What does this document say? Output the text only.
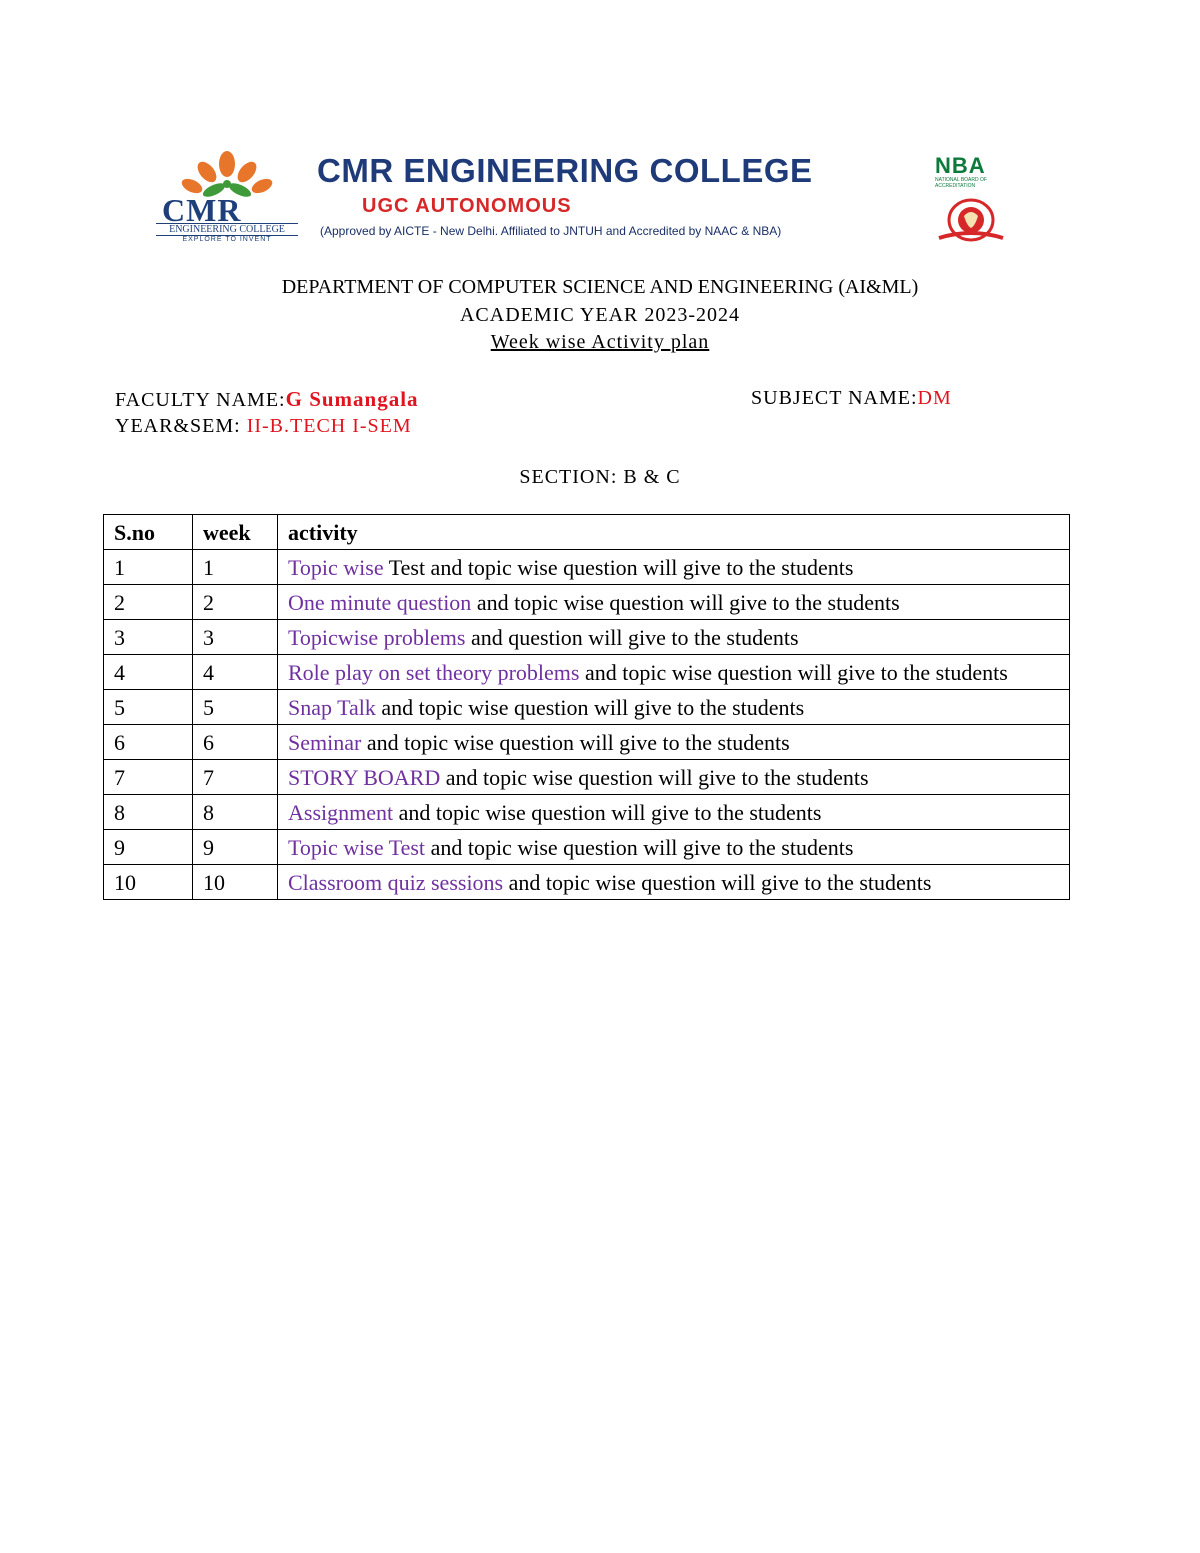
CMR
ENGINEERING COLLEGE
EXPLORE TO INVENT
CMR ENGINEERING COLLEGE
UGC AUTONOMOUS
(Approved by AICTE - New Delhi. Affiliated to JNTUH and Accredited by NAAC & NBA)
NBA
NATIONAL BOARD OF ACCREDITATION
DEPARTMENT OF COMPUTER SCIENCE AND ENGINEERING (AI&ML)
ACADEMIC YEAR 2023-2024
Week wise Activity plan
FACULTY NAME:G Sumangala	SUBJECT NAME:DM
YEAR&SEM: II-B.TECH I-SEM
SECTION: B & C
S.no	week	activity
1	1	Topic wise Test and topic wise question will give to the students
2	2	One minute question and topic wise question will give to the students
3	3	Topicwise problems and question will give to the students
4	4	Role play on set theory problems and topic wise question will give to the students
5	5	Snap Talk and topic wise question will give to the students
6	6	Seminar and topic wise question will give to the students
7	7	STORY BOARD and topic wise question will give to the students
8	8	Assignment and topic wise question will give to the students
9	9	Topic wise Test and topic wise question will give to the students
10	10	Classroom quiz sessions and topic wise question will give to the students
